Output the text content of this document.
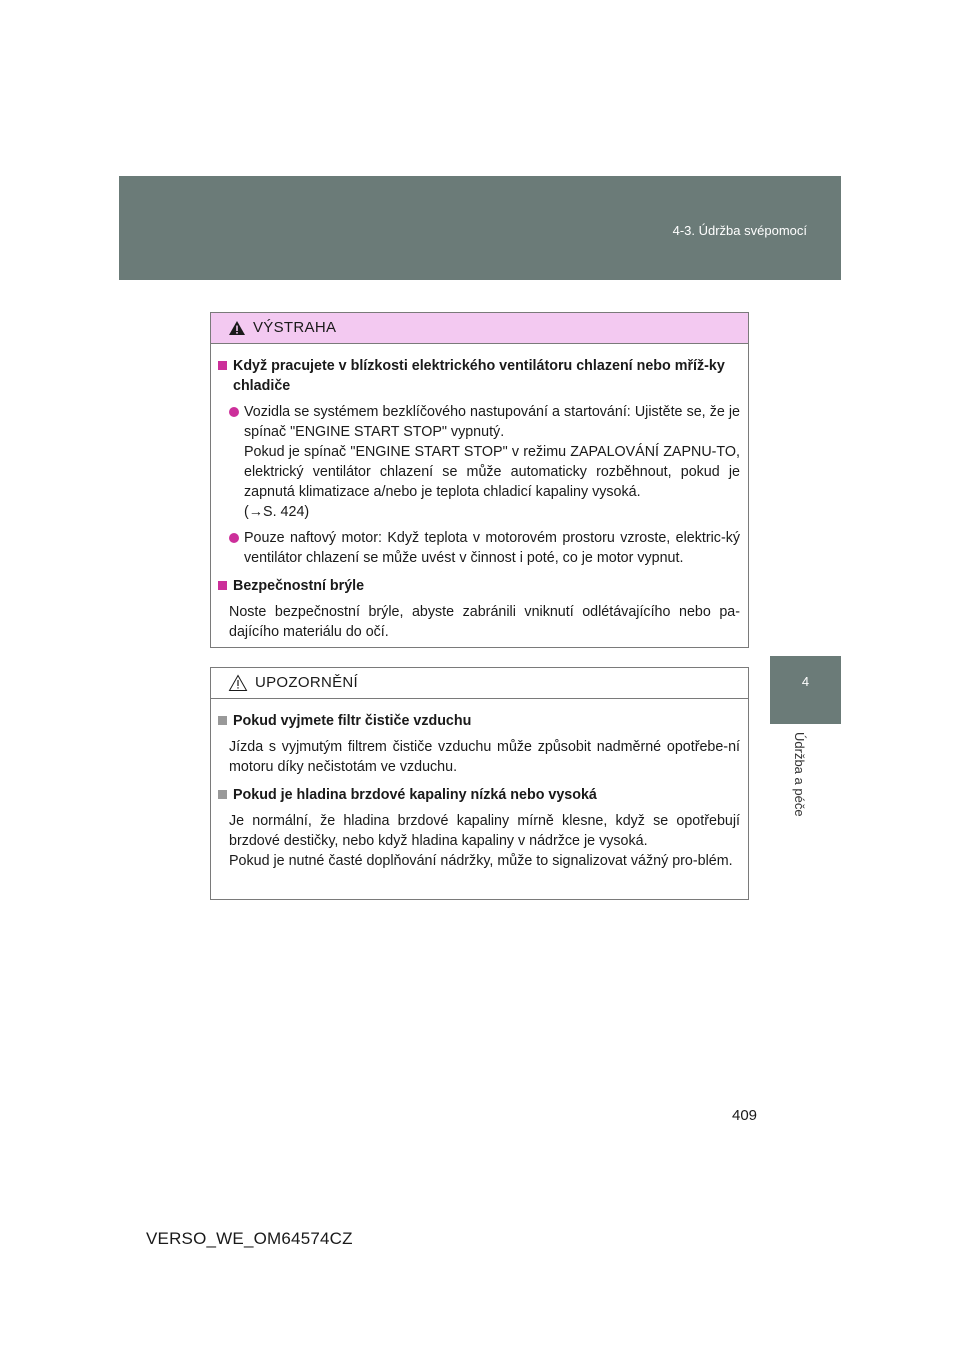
4-3. Údržba svépomocí
4
Údržba a péče
VÝSTRAHA
Když pracujete v blízkosti elektrického ventilátoru chlazení nebo mříž-ky chladiče
Vozidla se systémem bezklíčového nastupování a startování: Ujistěte se, že je spínač "ENGINE START STOP" vypnutý.
Pokud je spínač "ENGINE START STOP" v režimu ZAPALOVÁNÍ ZAPNU-TO, elektrický ventilátor chlazení se může automaticky rozběhnout, pokud je zapnutá klimatizace a/nebo je teplota chladicí kapaliny vysoká.
(→S. 424)
Pouze naftový motor: Když teplota v motorovém prostoru vzroste, elektric-ký ventilátor chlazení se může uvést v činnost i poté, co je motor vypnut.
Bezpečnostní brýle
Noste bezpečnostní brýle, abyste zabránili vniknutí odlétávajícího nebo pa-dajícího materiálu do očí.
UPOZORNĚNÍ
Pokud vyjmete filtr čističe vzduchu
Jízda s vyjmutým filtrem čističe vzduchu může způsobit nadměrné opotřebe-ní motoru díky nečistotám ve vzduchu.
Pokud je hladina brzdové kapaliny nízká nebo vysoká
Je normální, že hladina brzdové kapaliny mírně klesne, když se opotřebují brzdové destičky, nebo když hladina kapaliny v nádržce je vysoká.
Pokud je nutné časté doplňování nádržky, může to signalizovat vážný pro-blém.
409
VERSO_WE_OM64574CZ
